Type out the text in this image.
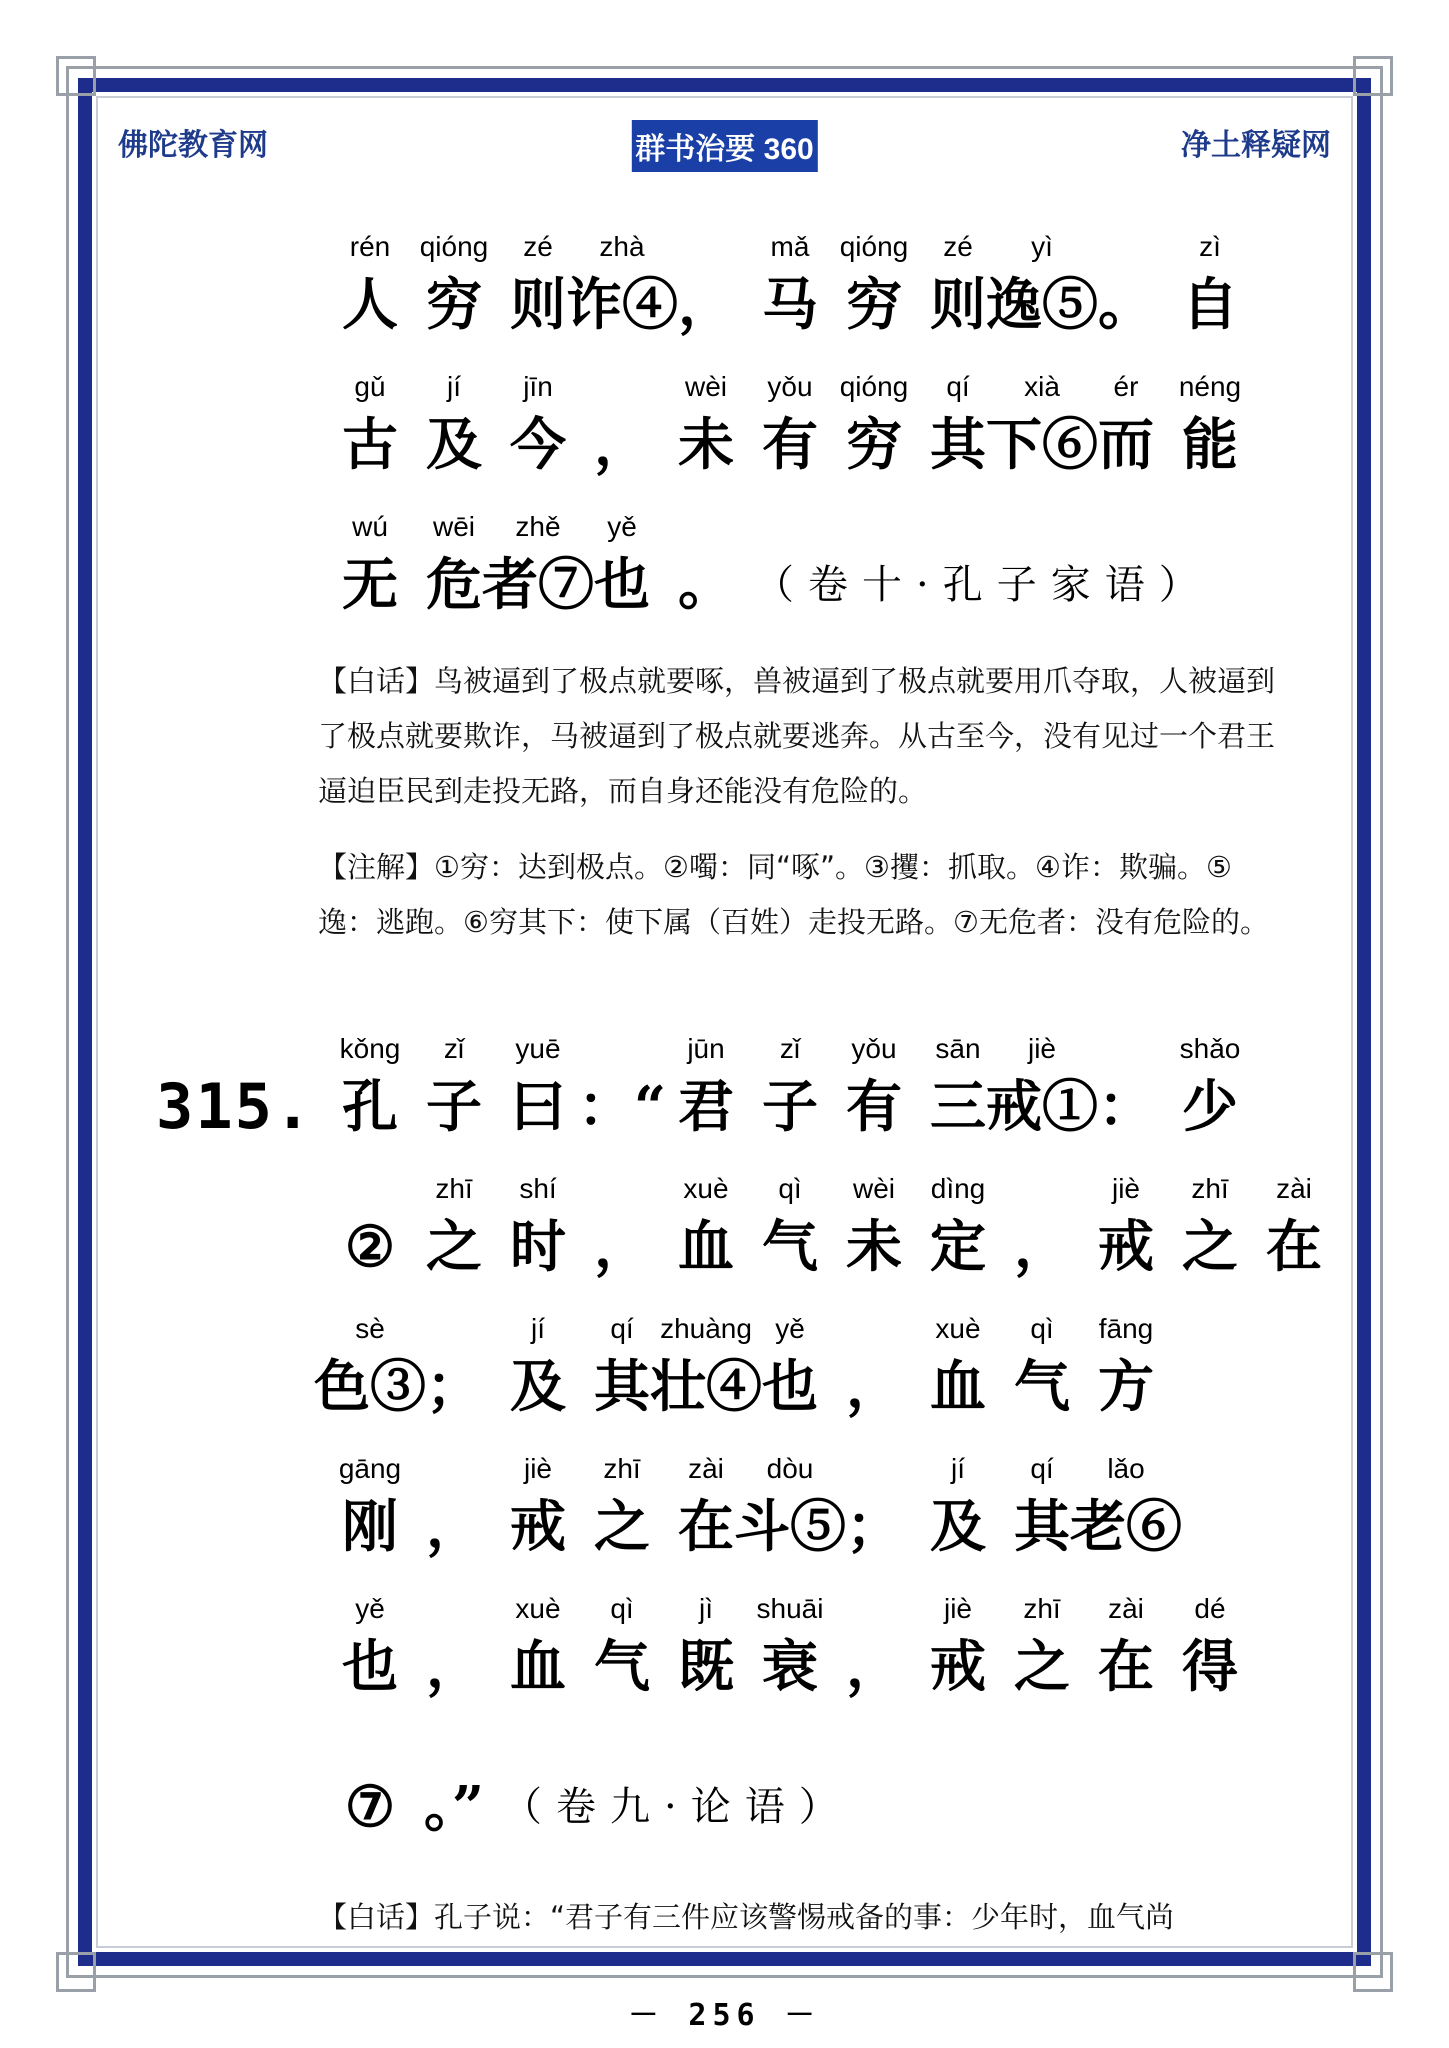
佛陀教育网	群书治要 360	净土释疑网
rén
人
qióng
穷
zé
则
zhà
诈④ ，
mǎ
马
qióng
穷
zé
则
yì
逸⑤ 。
zì
自
gǔ
古
jí
及
jīn
今 ，
wèi
未
yǒu
有
qióng
穷
qí
其
xià
下⑥
ér
而
néng
能
wú
无
wēi
危
zhě
者⑦
yě
也 。 （卷十·孔子家语）
【白话】鸟被逼到了极点就要啄，兽被逼到了极点就要用爪夺取，人被逼到了极点就要欺诈，马被逼到了极点就要逃奔。从古至今，没有见过一个君王逼迫臣民到走投无路，而自身还能没有危险的。
【注解】①穷：达到极点。②噣：同“啄”。③攫：抓取。④诈：欺骗。⑤逸：逃跑。⑥穷其下：使下属（百姓）走投无路。⑦无危者：没有危险的。
315.
kǒng
孔
zǐ
子
yuē
曰 ：“
jūn
君
zǐ
子
yǒu
有
sān
三
jiè
戒① ：
shǎo
少
②
zhī
之
shí
时 ，
xuè
血
qì
气
wèi
未
dìng
定 ，
jiè
戒
zhī
之
zài
在
sè
色③ ；
jí
及
qí
其
zhuàng
壮④
yě
也 ，
xuè
血
qì
气
fāng
方
gāng
刚 ，
jiè
戒
zhī
之
zài
在
dòu
斗⑤ ；
jí
及
qí
其
lǎo
老⑥
yě
也 ，
xuè
血
qì
气
jì
既
shuāi
衰 ，
jiè
戒
zhī
之
zài
在
dé
得
⑦ 。” （卷九·论语）
【白话】孔子说：“君子有三件应该警惕戒备的事：少年时，血气尚
－ 256 －
